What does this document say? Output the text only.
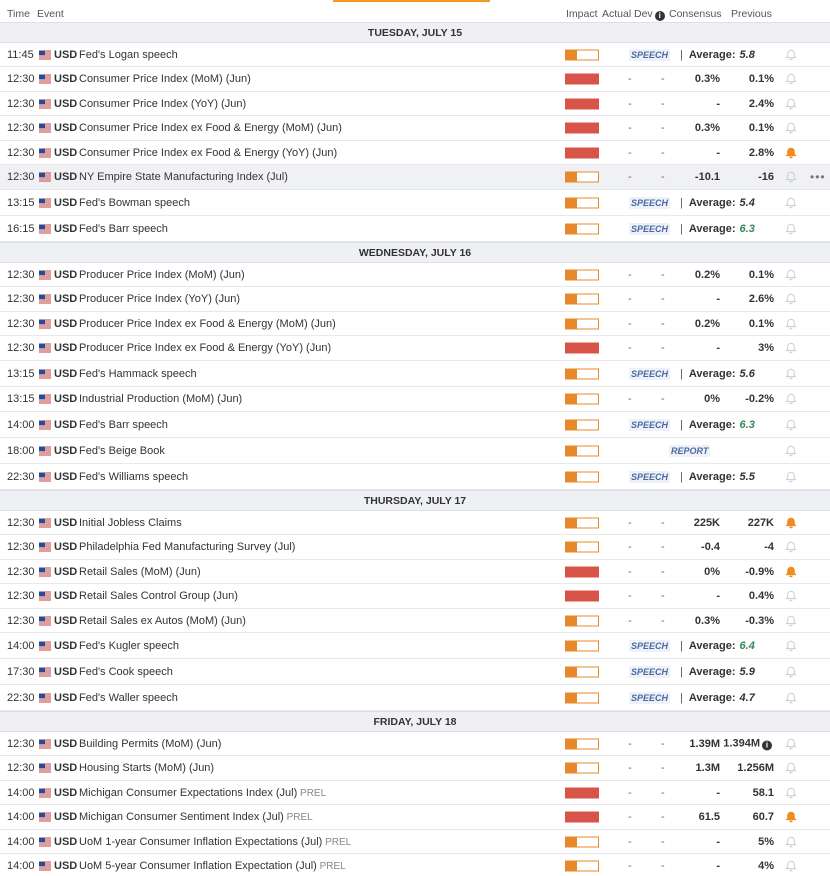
Time Event	Impact Actual Dev i Consensus Previous
TUESDAY, JULY 15
11:45 USD Fed's Logan speech	SPEECH | Average: 5.8
12:30 USD Consumer Price Index (MoM) (Jun)	-	-	0.3%	0.1%
12:30 USD Consumer Price Index (YoY) (Jun)	-	-	-	2.4%
12:30 USD Consumer Price Index ex Food & Energy (MoM) (Jun)	-	-	0.3%	0.1%
12:30 USD Consumer Price Index ex Food & Energy (YoY) (Jun)	-	-	-	2.8%
12:30 USD NY Empire State Manufacturing Index (Jul)	-	-	-10.1	-16	•••
13:15 USD Fed's Bowman speech	SPEECH | Average: 5.4
16:15 USD Fed's Barr speech	SPEECH | Average: 6.3
WEDNESDAY, JULY 16
12:30 USD Producer Price Index (MoM) (Jun)	-	-	0.2%	0.1%
12:30 USD Producer Price Index (YoY) (Jun)	-	-	-	2.6%
12:30 USD Producer Price Index ex Food & Energy (MoM) (Jun)	-	-	0.2%	0.1%
12:30 USD Producer Price Index ex Food & Energy (YoY) (Jun)	-	-	-	3%
13:15 USD Fed's Hammack speech	SPEECH | Average: 5.6
13:15 USD Industrial Production (MoM) (Jun)	-	-	0% -0.2%
14:00 USD Fed's Barr speech	SPEECH | Average: 6.3
18:00 USD Fed's Beige Book	REPORT
22:30 USD Fed's Williams speech	SPEECH | Average: 5.5
THURSDAY, JULY 17
12:30 USD Initial Jobless Claims	-	-	225K	227K
12:30 USD Philadelphia Fed Manufacturing Survey (Jul)	-	-	-0.4	-4
12:30 USD Retail Sales (MoM) (Jun)	-	-	0% -0.9%
12:30 USD Retail Sales Control Group (Jun)	-	-	-	0.4%
12:30 USD Retail Sales ex Autos (MoM) (Jun)	-	-	0.3% -0.3%
14:00 USD Fed's Kugler speech	SPEECH | Average: 6.4
17:30 USD Fed's Cook speech	SPEECH | Average: 5.9
22:30 USD Fed's Waller speech	SPEECH | Average: 4.7
FRIDAY, JULY 18
12:30 USD Building Permits (MoM) (Jun)	-	- 1.39M 1.394M i
12:30 USD Housing Starts (MoM) (Jun)	-	-	1.3M 1.256M
14:00 USD Michigan Consumer Expectations Index (Jul) PREL	-	-	-	58.1
14:00 USD Michigan Consumer Sentiment Index (Jul) PREL	-	-	61.5	60.7
14:00 USD UoM 1-year Consumer Inflation Expectations (Jul) PREL	-	-	-	5%
14:00 USD UoM 5-year Consumer Inflation Expectation (Jul) PREL	-	-	-	4%
